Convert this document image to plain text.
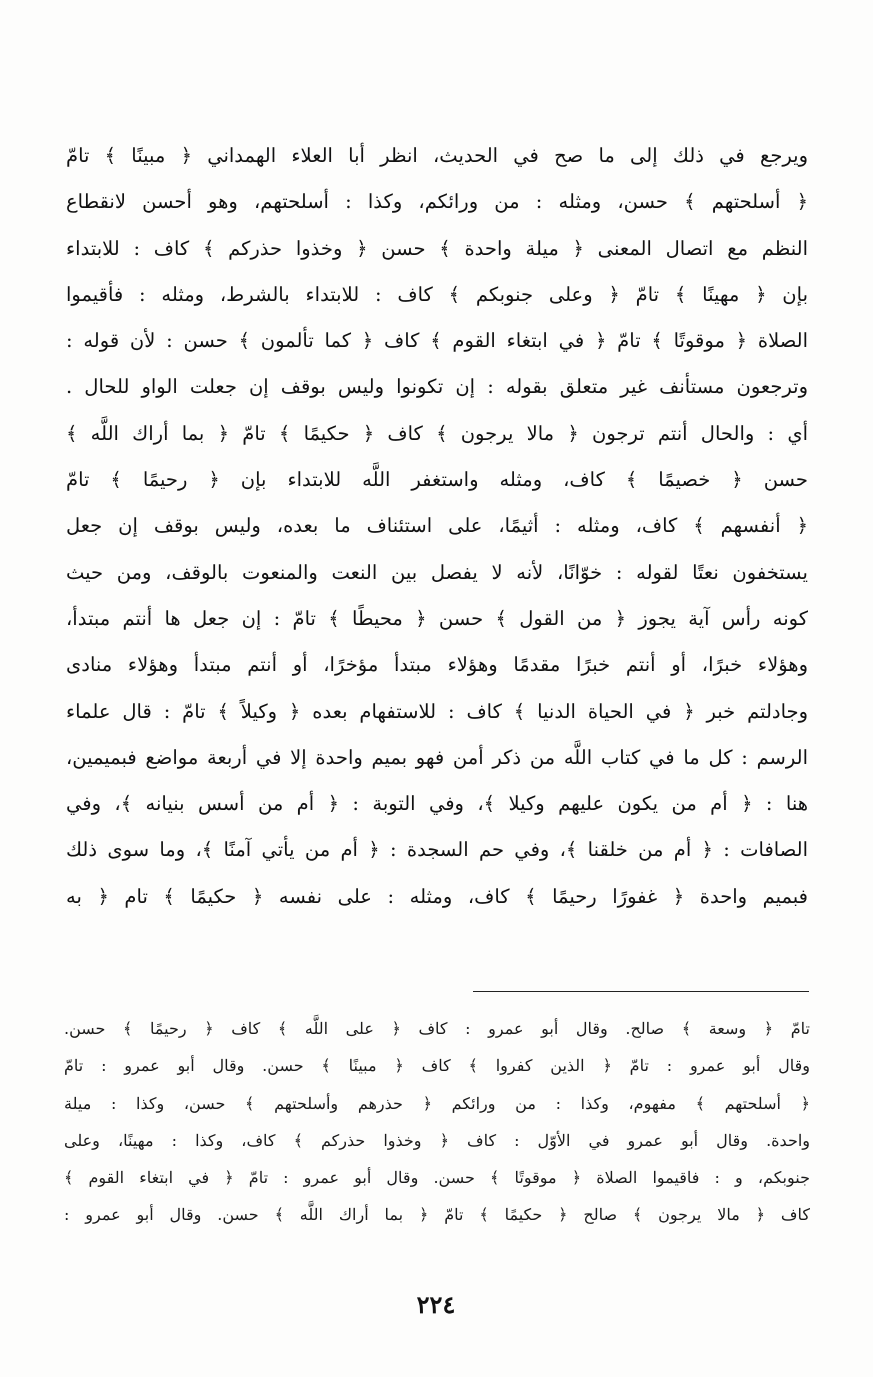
ويرجع في ذلك إلى ما صح في الحديث، انظر أبا العلاء الهمداني ﴿ مبينًا ﴾ تامّ
﴿ أسلحتهم ﴾ حسن، ومثله : من ورائكم، وكذا : أسلحتهم، وهو أحسن لانقطاع
النظم مع اتصال المعنى ﴿ ميلة واحدة ﴾ حسن ﴿ وخذوا حذركم ﴾ كاف : للابتداء
بإن ﴿ مهينًا ﴾ تامّ ﴿ وعلى جنوبكم ﴾ كاف : للابتداء بالشرط، ومثله : فأقيموا
الصلاة ﴿ موقوتًا ﴾ تامّ ﴿ في ابتغاء القوم ﴾ كاف ﴿ كما تألمون ﴾ حسن : لأن قوله :
وترجعون مستأنف غير متعلق بقوله : إن تكونوا وليس بوقف إن جعلت الواو للحال .
أي : والحال أنتم ترجون ﴿ مالا يرجون ﴾ كاف ﴿ حكيمًا ﴾ تامّ ﴿ بما أراك اللَّه ﴾
حسن ﴿ خصيمًا ﴾ كاف، ومثله واستغفر اللَّه للابتداء بإن ﴿ رحيمًا ﴾ تامّ
﴿ أنفسهم ﴾ كاف، ومثله : أثيمًا، على استئناف ما بعده، وليس بوقف إن جعل
يستخفون نعتًا لقوله : خوّانًا، لأنه لا يفصل بين النعت والمنعوت بالوقف، ومن حيث
كونه رأس آية يجوز ﴿ من القول ﴾ حسن ﴿ محيطًا ﴾ تامّ : إن جعل ها أنتم مبتدأ،
وهؤلاء خبرًا، أو أنتم خبرًا مقدمًا وهؤلاء مبتدأ مؤخرًا، أو أنتم مبتدأ وهؤلاء منادى
وجادلتم خبر ﴿ في الحياة الدنيا ﴾ كاف : للاستفهام بعده ﴿ وكيلاً ﴾ تامّ : قال علماء
الرسم : كل ما في كتاب اللَّه من ذكر أمن فهو بميم واحدة إلا في أربعة مواضع فبميمين،
هنا : ﴿ أم من يكون عليهم وكيلا ﴾، وفي التوبة : ﴿ أم من أسس بنيانه ﴾، وفي
الصافات : ﴿ أم من خلقنا ﴾، وفي حم السجدة : ﴿ أم من يأتي آمنًا ﴾، وما سوى ذلك
فبميم واحدة ﴿ غفورًا رحيمًا ﴾ كاف، ومثله : على نفسه ﴿ حكيمًا ﴾ تام ﴿ به
تامّ ﴿ وسعة ﴾ صالح. وقال أبو عمرو : كاف ﴿ على اللَّه ﴾ كاف ﴿ رحيمًا ﴾ حسن.
وقال أبو عمرو : تامّ ﴿ الذين كفروا ﴾ كاف ﴿ مبينًا ﴾ حسن. وقال أبو عمرو : تامّ
﴿ أسلحتهم ﴾ مفهوم، وكذا : من ورائكم ﴿ حذرهم وأسلحتهم ﴾ حسن، وكذا : ميلة
واحدة. وقال أبو عمرو في الأوّل : كاف ﴿ وخذوا حذركم ﴾ كاف، وكذا : مهينًا، وعلى
جنوبكم، و : فاقيموا الصلاة ﴿ موقوتًا ﴾ حسن. وقال أبو عمرو : تامّ ﴿ في ابتغاء القوم ﴾
كاف ﴿ مالا يرجون ﴾ صالح ﴿ حكيمًا ﴾ تامّ ﴿ بما أراك اللَّه ﴾ حسن. وقال أبو عمرو :
٢٢٤
